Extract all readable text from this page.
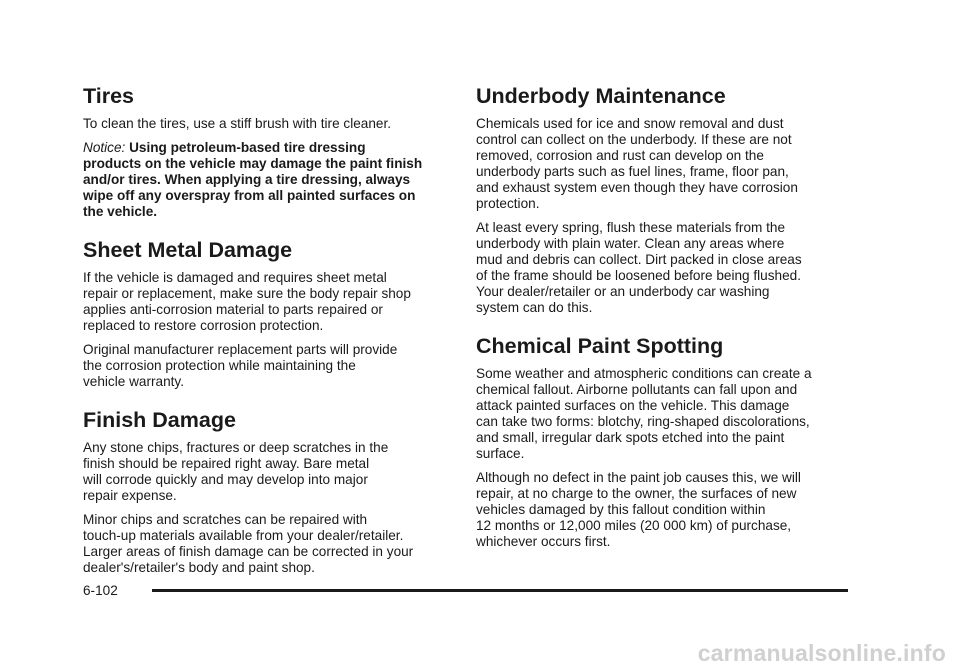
Tires

To clean the tires, use a stiff brush with tire cleaner.

Notice: Using petroleum-based tire dressing
products on the vehicle may damage the paint finish
and/or tires. When applying a tire dressing, always
wipe off any overspray from all painted surfaces on
the vehicle.

Sheet Metal Damage

If the vehicle is damaged and requires sheet metal
repair or replacement, make sure the body repair shop
applies anti-corrosion material to parts repaired or
replaced to restore corrosion protection.

Original manufacturer replacement parts will provide
the corrosion protection while maintaining the
vehicle warranty.

Finish Damage

Any stone chips, fractures or deep scratches in the
finish should be repaired right away. Bare metal
will corrode quickly and may develop into major
repair expense.

Minor chips and scratches can be repaired with
touch-up materials available from your dealer/retailer.
Larger areas of finish damage can be corrected in your
dealer's/retailer's body and paint shop.

Underbody Maintenance

Chemicals used for ice and snow removal and dust
control can collect on the underbody. If these are not
removed, corrosion and rust can develop on the
underbody parts such as fuel lines, frame, floor pan,
and exhaust system even though they have corrosion
protection.

At least every spring, flush these materials from the
underbody with plain water. Clean any areas where
mud and debris can collect. Dirt packed in close areas
of the frame should be loosened before being flushed.
Your dealer/retailer or an underbody car washing
system can do this.

Chemical Paint Spotting

Some weather and atmospheric conditions can create a
chemical fallout. Airborne pollutants can fall upon and
attack painted surfaces on the vehicle. This damage
can take two forms: blotchy, ring-shaped discolorations,
and small, irregular dark spots etched into the paint
surface.

Although no defect in the paint job causes this, we will
repair, at no charge to the owner, the surfaces of new
vehicles damaged by this fallout condition within
12 months or 12,000 miles (20 000 km) of purchase,
whichever occurs first.

6-102
carmanualsonline.info
